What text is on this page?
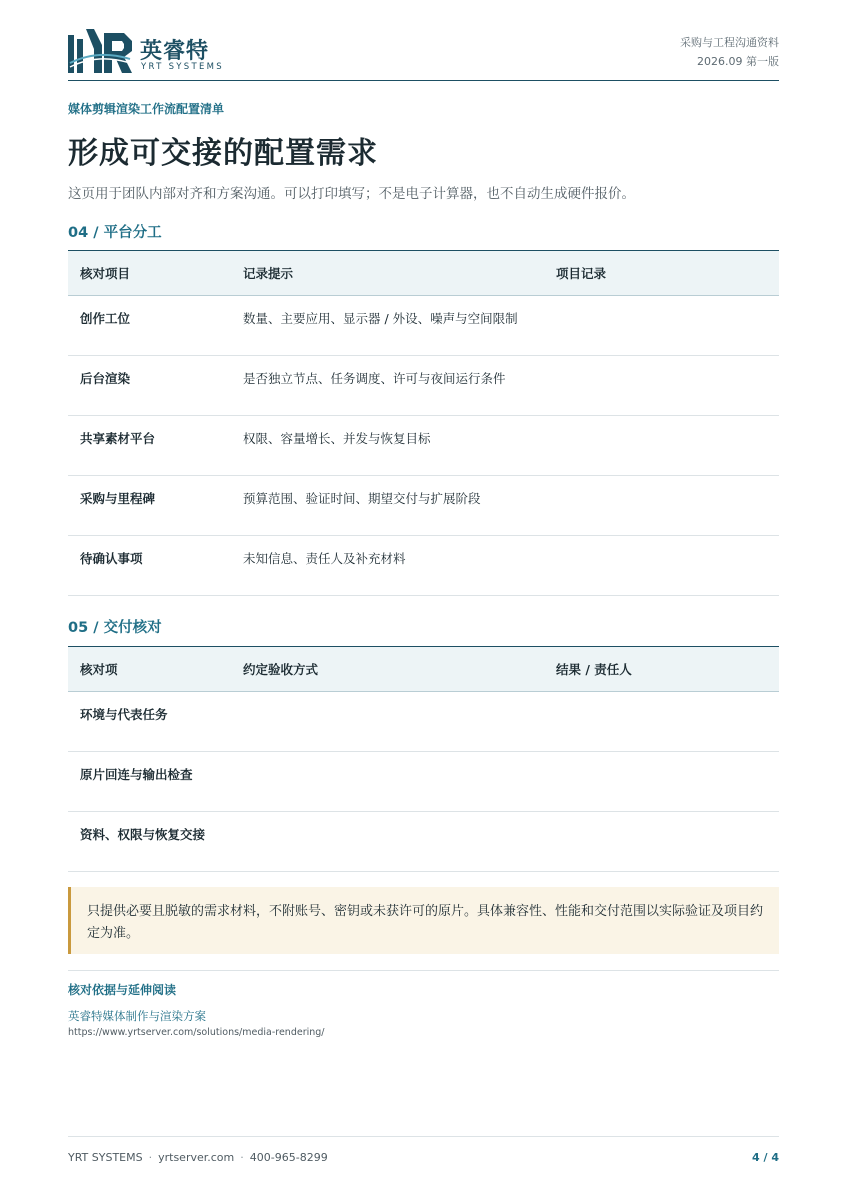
英睿特
YRT SYSTEMS
采购与工程沟通资料
2026.09 第一版
媒体剪辑渲染工作流配置清单
形成可交接的配置需求
这页用于团队内部对齐和方案沟通。可以打印填写；不是电子计算器，也不自动生成硬件报价。
04 / 平台分工
核对项目	记录提示	项目记录
创作工位	数量、主要应用、显示器 / 外设、噪声与空间限制	
后台渲染	是否独立节点、任务调度、许可与夜间运行条件	
共享素材平台	权限、容量增长、并发与恢复目标	
采购与里程碑	预算范围、验证时间、期望交付与扩展阶段	
待确认事项	未知信息、责任人及补充材料	
05 / 交付核对
核对项	约定验收方式	结果 / 责任人
环境与代表任务		
原片回连与输出检查		
资料、权限与恢复交接		
只提供必要且脱敏的需求材料，不附账号、密钥或未获许可的原片。具体兼容性、性能和交付范围以实际验证及项目约定为准。
核对依据与延伸阅读
英睿特媒体制作与渲染方案
https://www.yrtserver.com/solutions/media-rendering/
YRT SYSTEMS · yrtserver.com · 400-965-8299	4 / 4
